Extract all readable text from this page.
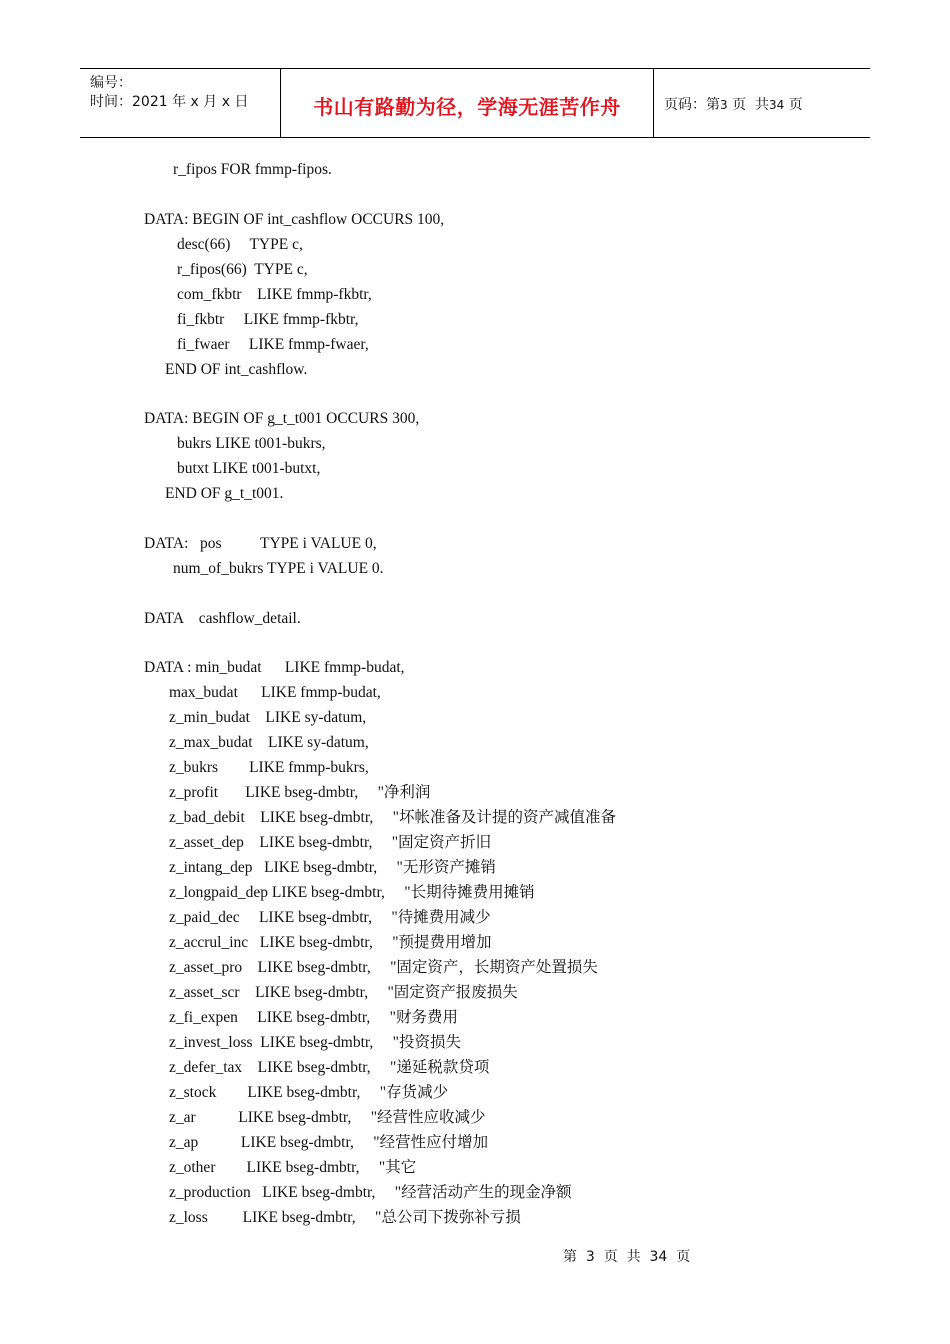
编号：
时间：2021 年 x 月 x 日	书山有路勤为径，学海无涯苦作舟	页码：第3 页  共34 页
r_fipos FOR fmmp-fipos.
DATA: BEGIN OF int_cashflow OCCURS 100,
desc(66)     TYPE c,
r_fipos(66)  TYPE c,
com_fkbtr    LIKE fmmp-fkbtr,
fi_fkbtr     LIKE fmmp-fkbtr,
fi_fwaer     LIKE fmmp-fwaer,
END OF int_cashflow.
DATA: BEGIN OF g_t_t001 OCCURS 300,
bukrs LIKE t001-bukrs,
butxt LIKE t001-butxt,
END OF g_t_t001.
DATA:   pos          TYPE i VALUE 0,
num_of_bukrs TYPE i VALUE 0.
DATA    cashflow_detail.
DATA : min_budat      LIKE fmmp-budat,
max_budat      LIKE fmmp-budat,
z_min_budat    LIKE sy-datum,
z_max_budat    LIKE sy-datum,
z_bukrs        LIKE fmmp-bukrs,
z_profit       LIKE bseg-dmbtr,     "净利润
z_bad_debit    LIKE bseg-dmbtr,     "坏帐准备及计提的资产减值准备
z_asset_dep    LIKE bseg-dmbtr,     "固定资产折旧
z_intang_dep   LIKE bseg-dmbtr,     "无形资产摊销
z_longpaid_dep LIKE bseg-dmbtr,     "长期待摊费用摊销
z_paid_dec     LIKE bseg-dmbtr,     "待摊费用减少
z_accrul_inc   LIKE bseg-dmbtr,     "预提费用增加
z_asset_pro    LIKE bseg-dmbtr,     "固定资产，长期资产处置损失
z_asset_scr    LIKE bseg-dmbtr,     "固定资产报废损失
z_fi_expen     LIKE bseg-dmbtr,     "财务费用
z_invest_loss  LIKE bseg-dmbtr,     "投资损失
z_defer_tax    LIKE bseg-dmbtr,     "递延税款贷项
z_stock        LIKE bseg-dmbtr,     "存货减少
z_ar           LIKE bseg-dmbtr,     "经营性应收减少
z_ap           LIKE bseg-dmbtr,     "经营性应付增加
z_other        LIKE bseg-dmbtr,     "其它
z_production   LIKE bseg-dmbtr,     "经营活动产生的现金净额
z_loss         LIKE bseg-dmbtr,     "总公司下拨弥补亏损
第  3  页  共  34  页
